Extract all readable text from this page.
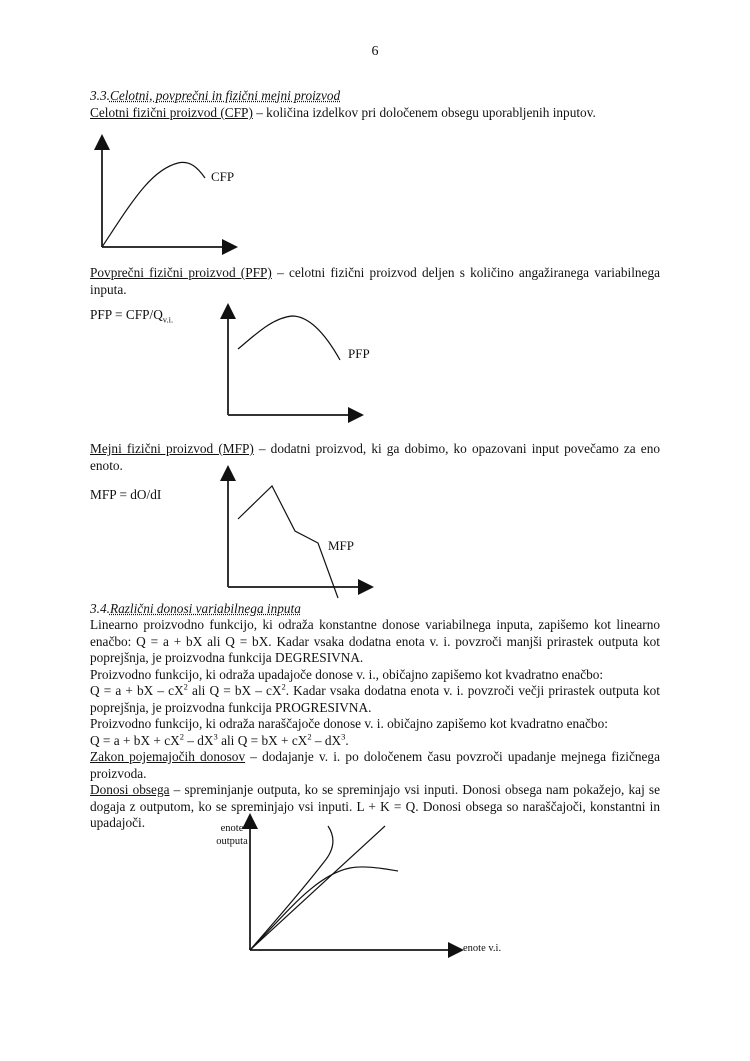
6
3.3.Celotni, povprečni in fizični mejni proizvod
Celotni fizični proizvod (CFP) – količina izdelkov pri določenem obsegu uporabljenih inputov.
CFP
Povprečni fizični proizvod (PFP) – celotni fizični proizvod deljen s količino angažiranega variabilnega inputa.
PFP = CFP/$Q_{v.i.}$
PFP
Mejni fizični proizvod (MFP) – dodatni proizvod, ki ga dobimo, ko opazovani input povečamo za eno enoto.
MFP = dO/dI
MFP
3.4.Različni donosi variabilnega inputa
Linearno proizvodno funkcijo, ki odraža konstantne donose variabilnega inputa, zapišemo kot linearno enačbo: Q = a + bX ali Q = bX. Kadar vsaka dodatna enota v. i. povzroči manjši prirastek outputa kot poprejšnja, je proizvodna funkcija DEGRESIVNA.
Proizvodno funkcijo, ki odraža upadajoče donose v. i., običajno zapišemo kot kvadratno enačbo:
Q = a + bX – $cX^2$ ali Q = bX – $cX^2$. Kadar vsaka dodatna enota v. i. povzroči večji prirastek outputa kot poprejšnja, je proizvodna funkcija PROGRESIVNA.
Proizvodno funkcijo, ki odraža naraščajoče donose v. i. običajno zapišemo kot kvadratno enačbo:
Q = a + bX + $cX^2 - dX^3$ ali Q = bX + $cX^2 - dX^3$.
Zakon pojemajočih donosov – dodajanje v. i. po določenem času povzroči upadanje mejnega fizičnega proizvoda.
Donosi obsega – spreminjanje outputa, ko se spreminjajo vsi inputi. Donosi obsega nam pokažejo, kaj se dogaja z outputom, ko se spreminjajo vsi inputi. L + K = Q. Donosi obsega so naraščajoči, konstantni in upadajoči.	enote
outputa
enote v.i.
